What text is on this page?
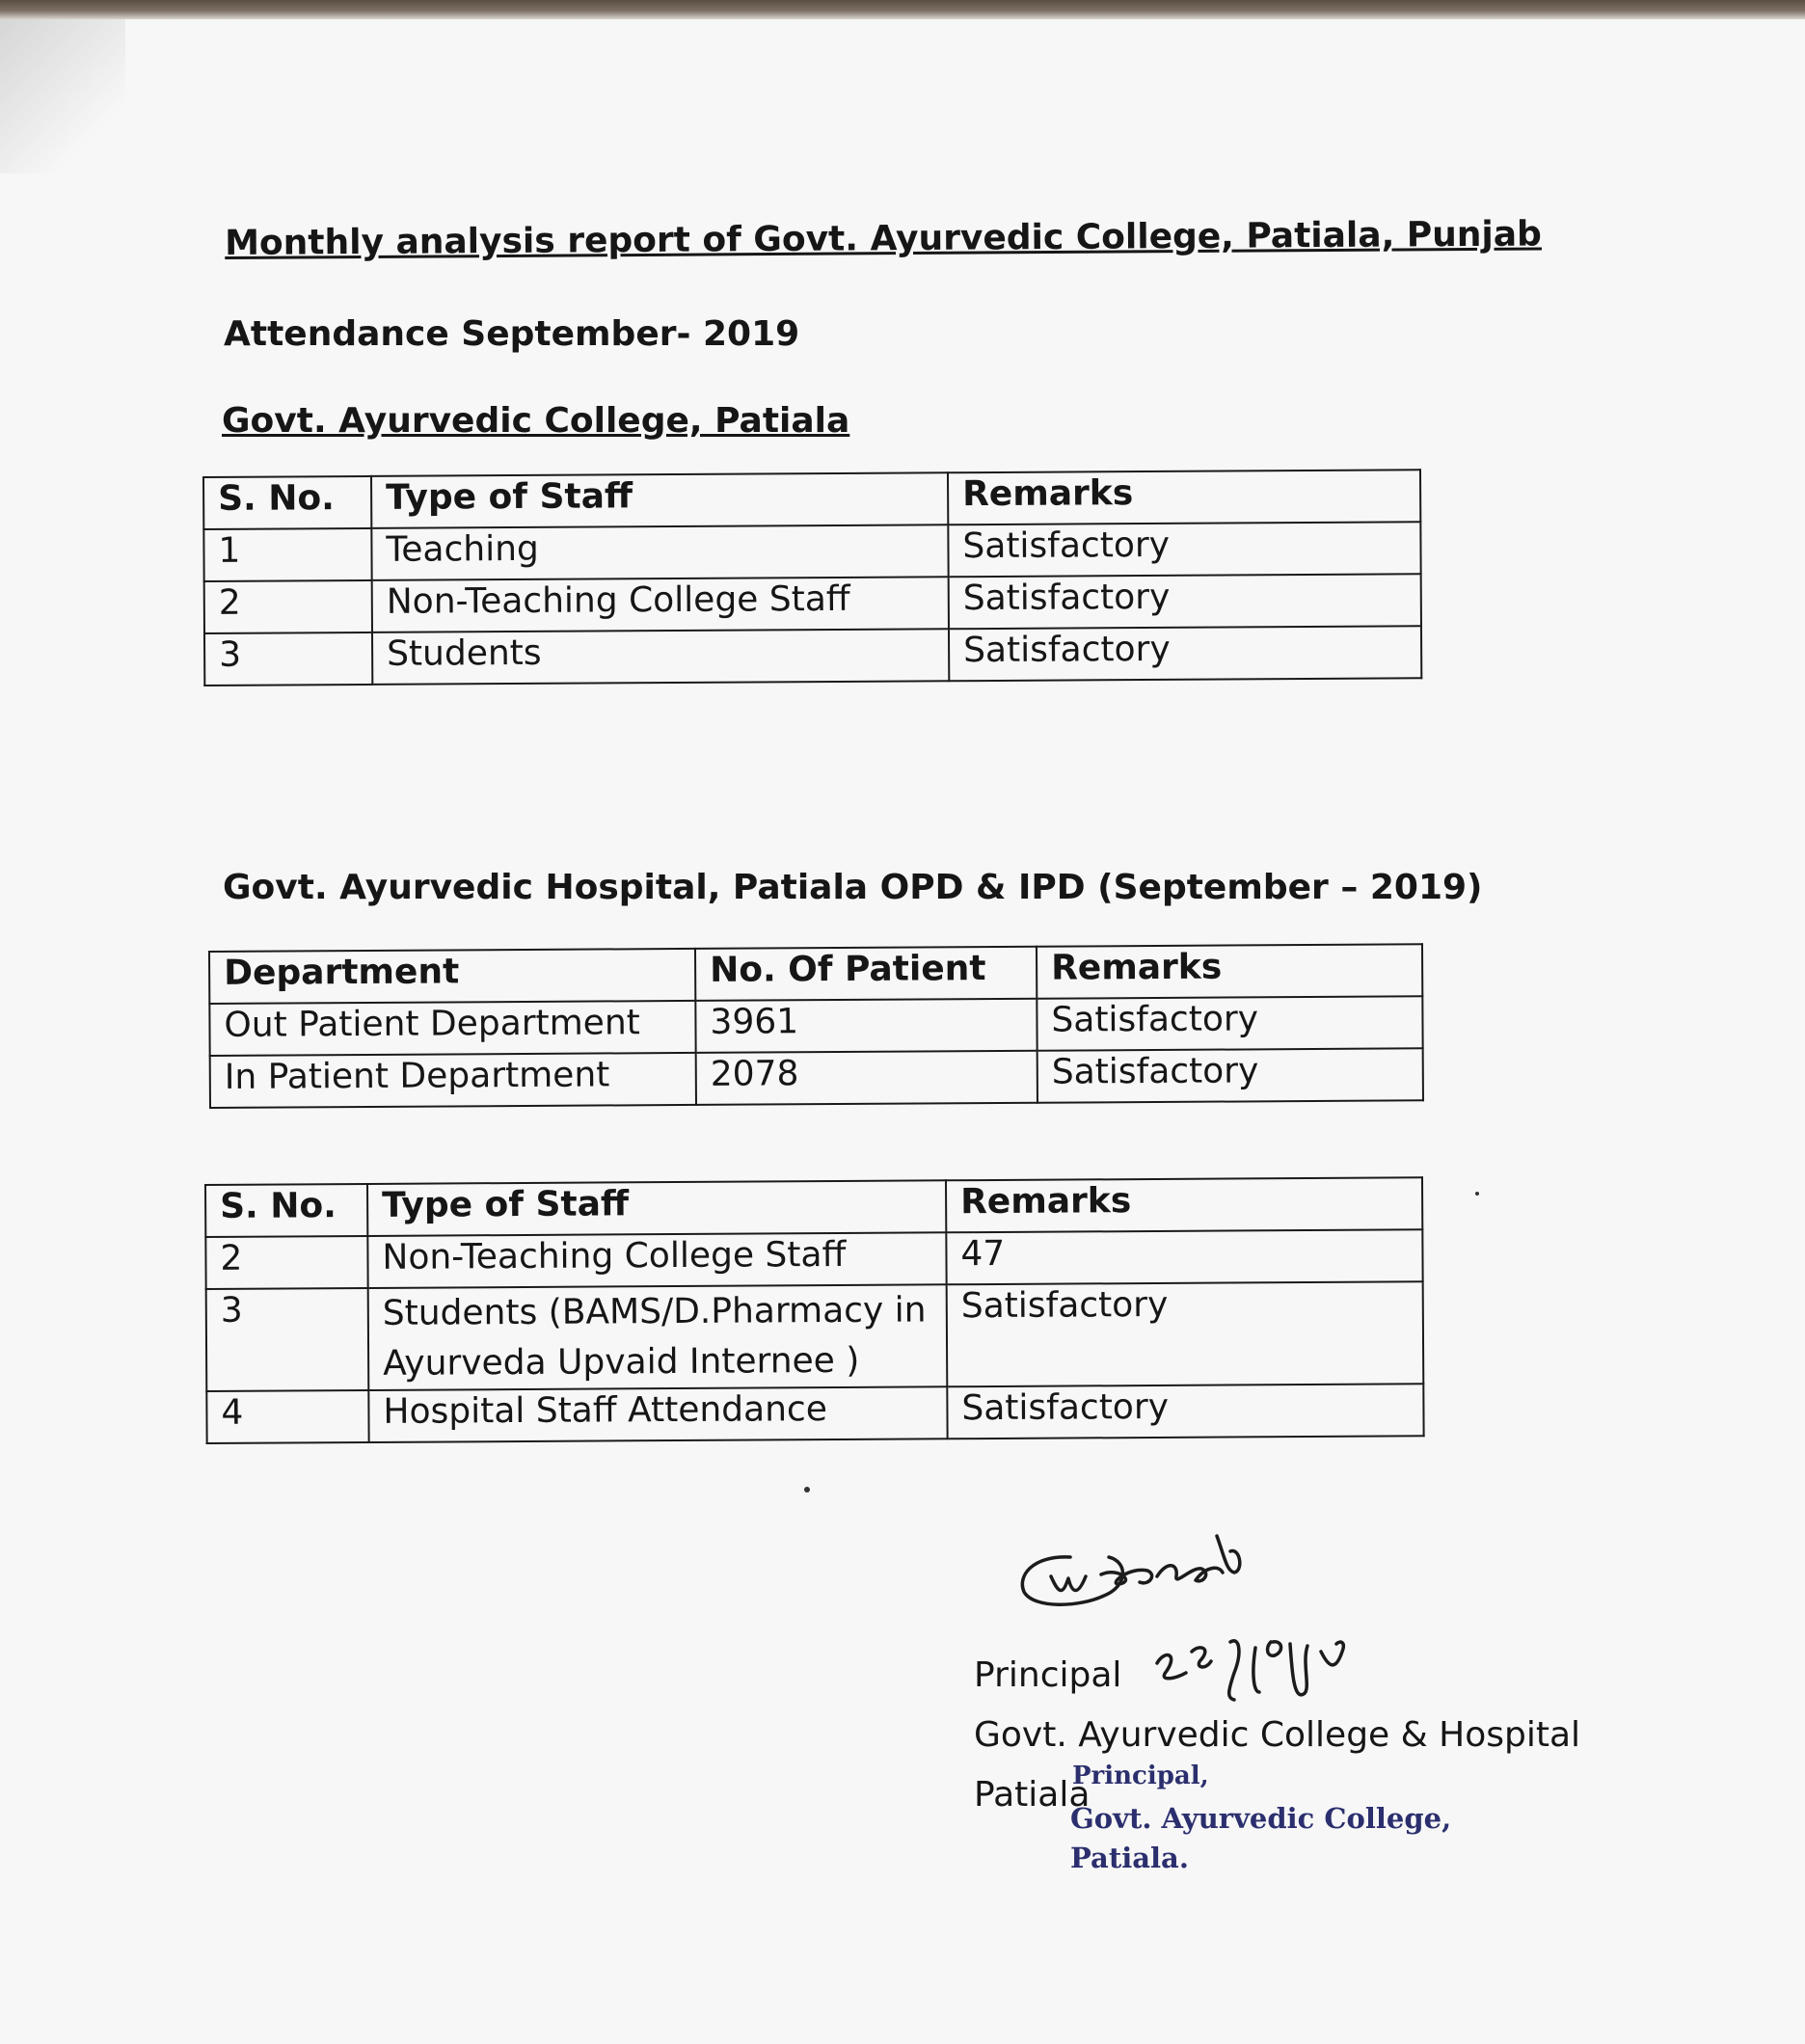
Monthly analysis report of Govt. Ayurvedic College, Patiala, Punjab
Attendance September- 2019
Govt. Ayurvedic College, Patiala
S. No.	Type of Staff	Remarks
1	Teaching	Satisfactory
2	Non-Teaching College Staff	Satisfactory
3	Students	Satisfactory
Govt. Ayurvedic Hospital, Patiala OPD & IPD (September – 2019)
Department	No. Of Patient	Remarks
Out Patient Department	3961	Satisfactory
In Patient Department	2078	Satisfactory
S. No.	Type of Staff	Remarks
2	Non-Teaching College Staff	47
3	Students (BAMS/D.Pharmacy in Ayurveda Upvaid Internee )	Satisfactory
4	Hospital Staff Attendance	Satisfactory
Principal
Govt. Ayurvedic College & Hospital
Patiala
Principal,
Govt. Ayurvedic College,
Patiala.
